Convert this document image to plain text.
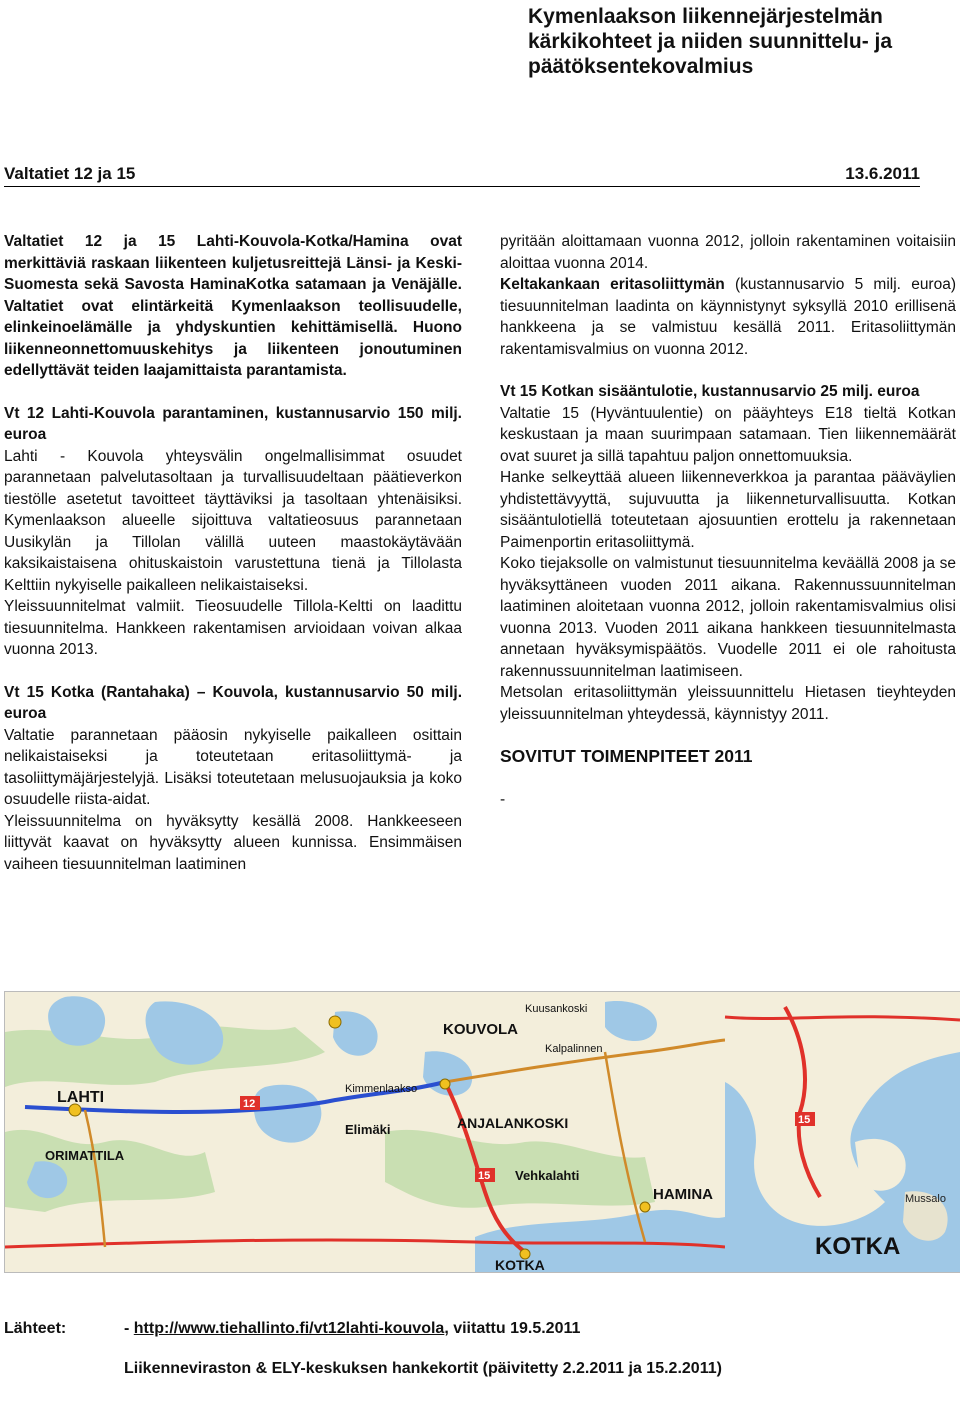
Kymenlaakson liikennejärjestelmän kärkikohteet ja niiden suunnittelu- ja päätöksentekovalmius
Valtatiet 12 ja 15	13.6.2011

Valtatiet 12 ja 15 Lahti-Kouvola-Kotka/Hamina ovat merkittäviä raskaan liikenteen kuljetusreittejä Länsi- ja Keski-Suomesta sekä Savosta HaminaKotka satamaan ja Venäjälle. Valtatiet ovat elintärkeitä Kymenlaakson teollisuudelle, elinkeinoelämälle ja yhdyskuntien kehittämisellä. Huono liikenneonnettomuuskehitys ja liikenteen jonoutuminen edellyttävät teiden laajamittaista parantamista.

Vt 12 Lahti-Kouvola parantaminen, kustannusarvio 150 milj. euroa

Lahti - Kouvola yhteysvälin ongelmallisimmat osuudet parannetaan palvelutasoltaan ja turvallisuudeltaan päätieverkon tiestölle asetetut tavoitteet täyttäviksi ja tasoltaan yhtenäisiksi. Kymenlaakson alueelle sijoittuva valtatieosuus parannetaan Uusikylän ja Tillolan välillä uuteen maastokäytävään kaksikaistaisena ohituskaistoin varustettuna tienä ja Tillolasta Kelttiin nykyiselle paikalleen nelikaistaiseksi.

Yleissuunnitelmat valmiit. Tieosuudelle Tillola-Keltti on laadittu tiesuunnitelma. Hankkeen rakentamisen arvioidaan voivan alkaa vuonna 2013.

Vt 15 Kotka (Rantahaka) – Kouvola, kustannusarvio 50 milj. euroa

Valtatie parannetaan pääosin nykyiselle paikalleen osittain nelikaistaiseksi ja toteutetaan eritasoliittymä- ja tasoliittymäjärjestelyjä. Lisäksi toteutetaan melusuojauksia ja koko osuudelle riista-aidat.

Yleissuunnitelma on hyväksytty kesällä 2008. Hankkeeseen liittyvät kaavat on hyväksytty alueen kunnissa. Ensimmäisen vaiheen tiesuunnitelman laatiminen

pyritään aloittamaan vuonna 2012, jolloin rakentaminen voitaisiin aloittaa vuonna 2014.

Keltakankaan eritasoliittymän (kustannusarvio 5 milj. euroa) tiesuunnitelman laadinta on käynnistynyt syksyllä 2010 erillisenä hankkeena ja se valmistuu kesällä 2011. Eritasoliittymän rakentamisvalmius on vuonna 2012.

Vt 15 Kotkan sisääntulotie, kustannusarvio 25 milj. euroa

Valtatie 15 (Hyväntuulentie) on pääyhteys E18 tieltä Kotkan keskustaan ja maan suurimpaan satamaan. Tien liikennemäärät ovat suuret ja sillä tapahtuu paljon onnettomuuksia.

Hanke selkeyttää alueen liikenneverkkoa ja parantaa pääväylien yhdistettävyyttä, sujuvuutta ja liikenneturvallisuutta. Kotkan sisääntulotiellä toteutetaan ajosuuntien erottelu ja rakennetaan Paimenportin eritasoliittymä.

Koko tiejaksolle on valmistunut tiesuunnitelma keväällä 2008 ja se hyväksyttäneen vuoden 2011 aikana. Rakennussuunnitelman laatiminen aloitetaan vuonna 2012, jolloin rakentamisvalmius olisi vuonna 2013. Vuoden 2011 aikana hankkeen tiesuunnitelmasta annetaan hyväksymispäätös. Vuodelle 2011 ei ole rahoitusta rakennussuunnitelman laatimiseen.

Metsolan eritasoliittymän yleissuunnittelu Hietasen tieyhteyden yleissuunnitelman yhteydessä, käynnistyy 2011.

SOVITUT TOIMENPITEET 2011

-

KOUVOLA
LAHTI
ANJALANKOSKI
ORIMATTILA
Elimäki
HAMINA
Vehkalahti
KOTKA
Kuusankoski
Kalpalinnen
Kimmenlaakso
12
15
15
KOTKA
Mussalo
Lähteet:	- http://www.tiehallinto.fi/vt12lahti-kouvola, viitattu 19.5.2011
Liikenneviraston & ELY-keskuksen hankekortit (päivitetty 2.2.2011 ja 15.2.2011)
